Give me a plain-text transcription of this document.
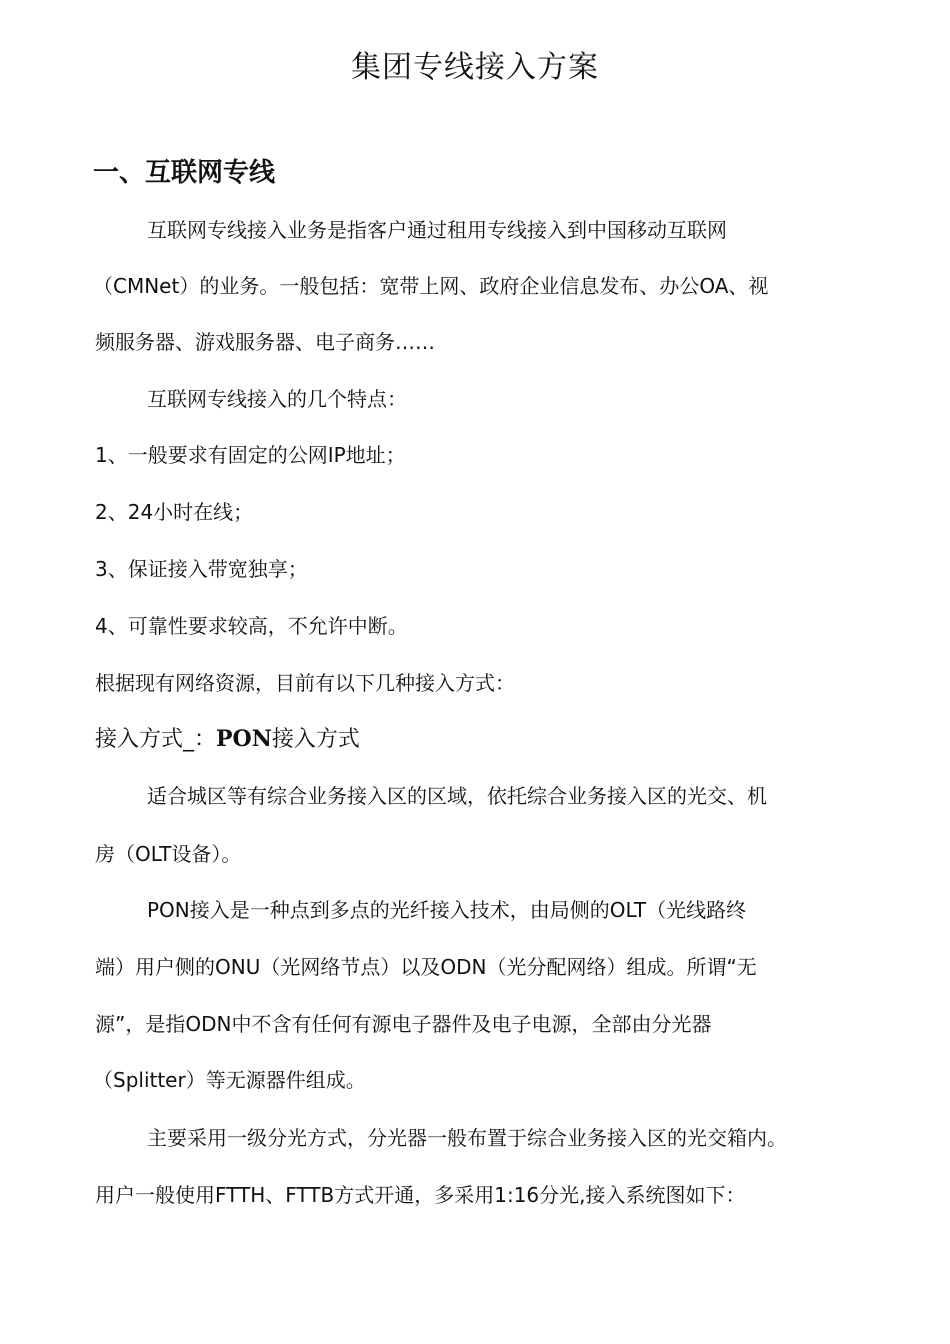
集团专线接入方案
一、互联网专线
互联网专线接入业务是指客户通过租用专线接入到中国移动互联网
（CMNet）的业务。一般包括：宽带上网、政府企业信息发布、办公OA、视
频服务器、游戏服务器、电子商务……
互联网专线接入的几个特点：
1、一般要求有固定的公网IP地址；
2、24小时在线；
3、保证接入带宽独享；
4、可靠性要求较高，不允许中断。
根据现有网络资源，目前有以下几种接入方式：
接入方式_：PON接入方式
适合城区等有综合业务接入区的区域，依托综合业务接入区的光交、机
房（OLT设备）。
PON接入是一种点到多点的光纤接入技术，由局侧的OLT（光线路终
端）用户侧的ONU（光网络节点）以及ODN（光分配网络）组成。所谓“无
源”，是指ODN中不含有任何有源电子器件及电子电源，全部由分光器
（Splitter）等无源器件组成。
主要采用一级分光方式，分光器一般布置于综合业务接入区的光交箱内。
用户一般使用FTTH、FTTB方式开通，多采用1:16分光,接入系统图如下：
